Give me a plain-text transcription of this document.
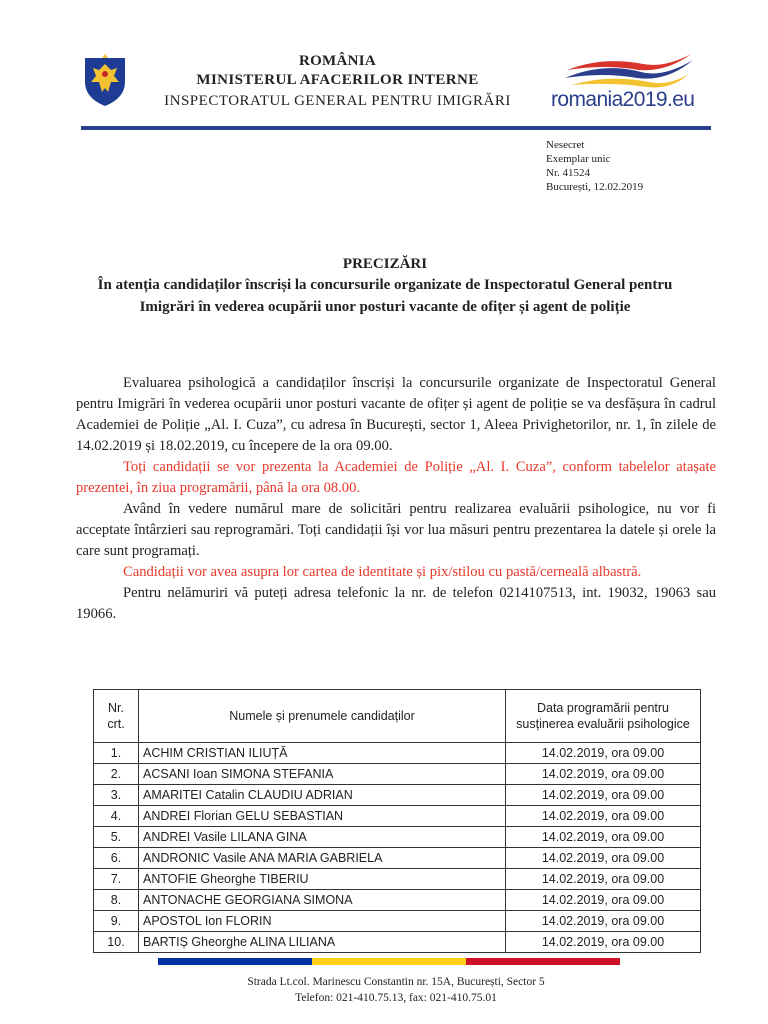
ROMÂNIA
MINISTERUL AFACERILOR INTERNE
INSPECTORATUL GENERAL PENTRU IMIGRĂRI	romania2019.eu
Nesecret
Exemplar unic
Nr. 41524
București, 12.02.2019
PRECIZĂRI
În atenția candidaților înscriși la concursurile organizate de Inspectoratul General pentru
Imigrări în vederea ocupării unor posturi vacante de ofițer și agent de poliție

Evaluarea psihologică a candidaților înscriși la concursurile organizate de Inspectoratul General pentru Imigrări în vederea ocupării unor posturi vacante de ofițer și agent de poliție se va desfășura în cadrul Academiei de Poliție „Al. I. Cuza”, cu adresa în București, sector 1, Aleea Privighetorilor, nr. 1, în zilele de 14.02.2019 și 18.02.2019, cu începere de la ora 09.00.

Toți candidații se vor prezenta la Academiei de Poliție „Al. I. Cuza”, conform tabelelor atașate prezentei, în ziua programării, până la ora 08.00.

Având în vedere numărul mare de solicitări pentru realizarea evaluării psihologice, nu vor fi acceptate întârzieri sau reprogramări. Toți candidații își vor lua măsuri pentru prezentarea la datele și orele la care sunt programați.

Candidații vor avea asupra lor cartea de identitate și pix/stilou cu pastă/cerneală albastră.

Pentru nelămuriri vă puteți adresa telefonic la nr. de telefon 0214107513, int. 19032, 19063 sau 19066.

Nr. crt.	Numele și prenumele candidaților	Data programării pentru susținerea evaluării psihologice
1.	ACHIM CRISTIAN ILIUȚĂ	14.02.2019, ora 09.00
2.	ACSANI Ioan SIMONA STEFANIA	14.02.2019, ora 09.00
3.	AMARITEI Catalin CLAUDIU ADRIAN	14.02.2019, ora 09.00
4.	ANDREI Florian GELU SEBASTIAN	14.02.2019, ora 09.00
5.	ANDREI Vasile LILANA GINA	14.02.2019, ora 09.00
6.	ANDRONIC Vasile ANA MARIA GABRIELA	14.02.2019, ora 09.00
7.	ANTOFIE Gheorghe TIBERIU	14.02.2019, ora 09.00
8.	ANTONACHE GEORGIANA SIMONA	14.02.2019, ora 09.00
9.	APOSTOL Ion FLORIN	14.02.2019, ora 09.00
10.	BARTIȘ Gheorghe ALINA LILIANA	14.02.2019, ora 09.00
Strada Lt.col. Marinescu Constantin nr. 15A, București, Sector 5
Telefon: 021-410.75.13, fax: 021-410.75.01
